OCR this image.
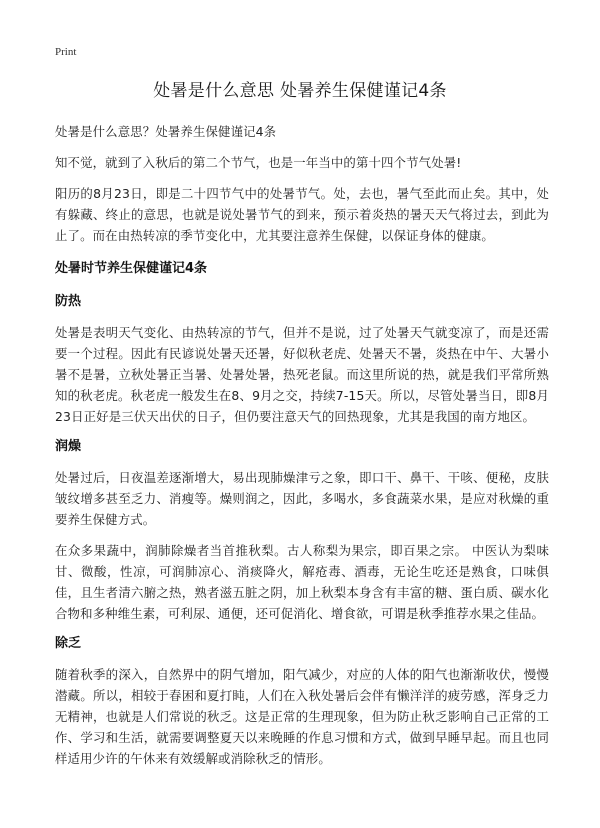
Print
处暑是什么意思 处暑养生保健谨记4条

处暑是什么意思？处暑养生保健谨记4条

知不觉，就到了入秋后的第二个节气，也是一年当中的第十四个节气处暑!

阳历的8月23日，即是二十四节气中的处暑节气。处，去也，暑气至此而止矣。其中，处有躲藏、终止的意思，也就是说处暑节气的到来，预示着炎热的暑天天气将过去，到此为止了。而在由热转凉的季节变化中，尤其要注意养生保健，以保证身体的健康。

处暑时节养生保健谨记4条
防热

处暑是表明天气变化、由热转凉的节气，但并不是说，过了处暑天气就变凉了，而是还需要一个过程。因此有民谚说处暑天还暑，好似秋老虎、处暑天不暑，炎热在中午、大暑小暑不是暑，立秋处暑正当暑、处暑处暑，热死老鼠。而这里所说的热，就是我们平常所熟知的秋老虎。秋老虎一般发生在8、9月之交，持续7-15天。所以，尽管处暑当日，即8月23日正好是三伏天出伏的日子，但仍要注意天气的回热现象，尤其是我国的南方地区。

润燥

处暑过后，日夜温差逐渐增大，易出现肺燥津亏之象，即口干、鼻干、干咳、便秘，皮肤皱纹增多甚至乏力、消瘦等。燥则润之，因此，多喝水，多食蔬菜水果，是应对秋燥的重要养生保健方式。

在众多果蔬中，润肺除燥者当首推秋梨。古人称梨为果宗，即百果之宗。 中医认为梨味甘、微酸，性凉，可润肺凉心、消痰降火，解疮毒、酒毒，无论生吃还是熟食，口味俱佳，且生者清六腑之热，熟者滋五脏之阴，加上秋梨本身含有丰富的糖、蛋白质、碳水化合物和多种维生素，可利尿、通便，还可促消化、增食欲，可谓是秋季推荐水果之佳品。

除乏

随着秋季的深入，自然界中的阴气增加，阳气减少，对应的人体的阳气也渐渐收伏，慢慢潜藏。所以，相较于春困和夏打盹，人们在入秋处暑后会伴有懒洋洋的疲劳感，浑身乏力无精神，也就是人们常说的秋乏。这是正常的生理现象，但为防止秋乏影响自己正常的工作、学习和生活，就需要调整夏天以来晚睡的作息习惯和方式，做到早睡早起。而且也同样适用少许的午休来有效缓解或消除秋乏的情形。
